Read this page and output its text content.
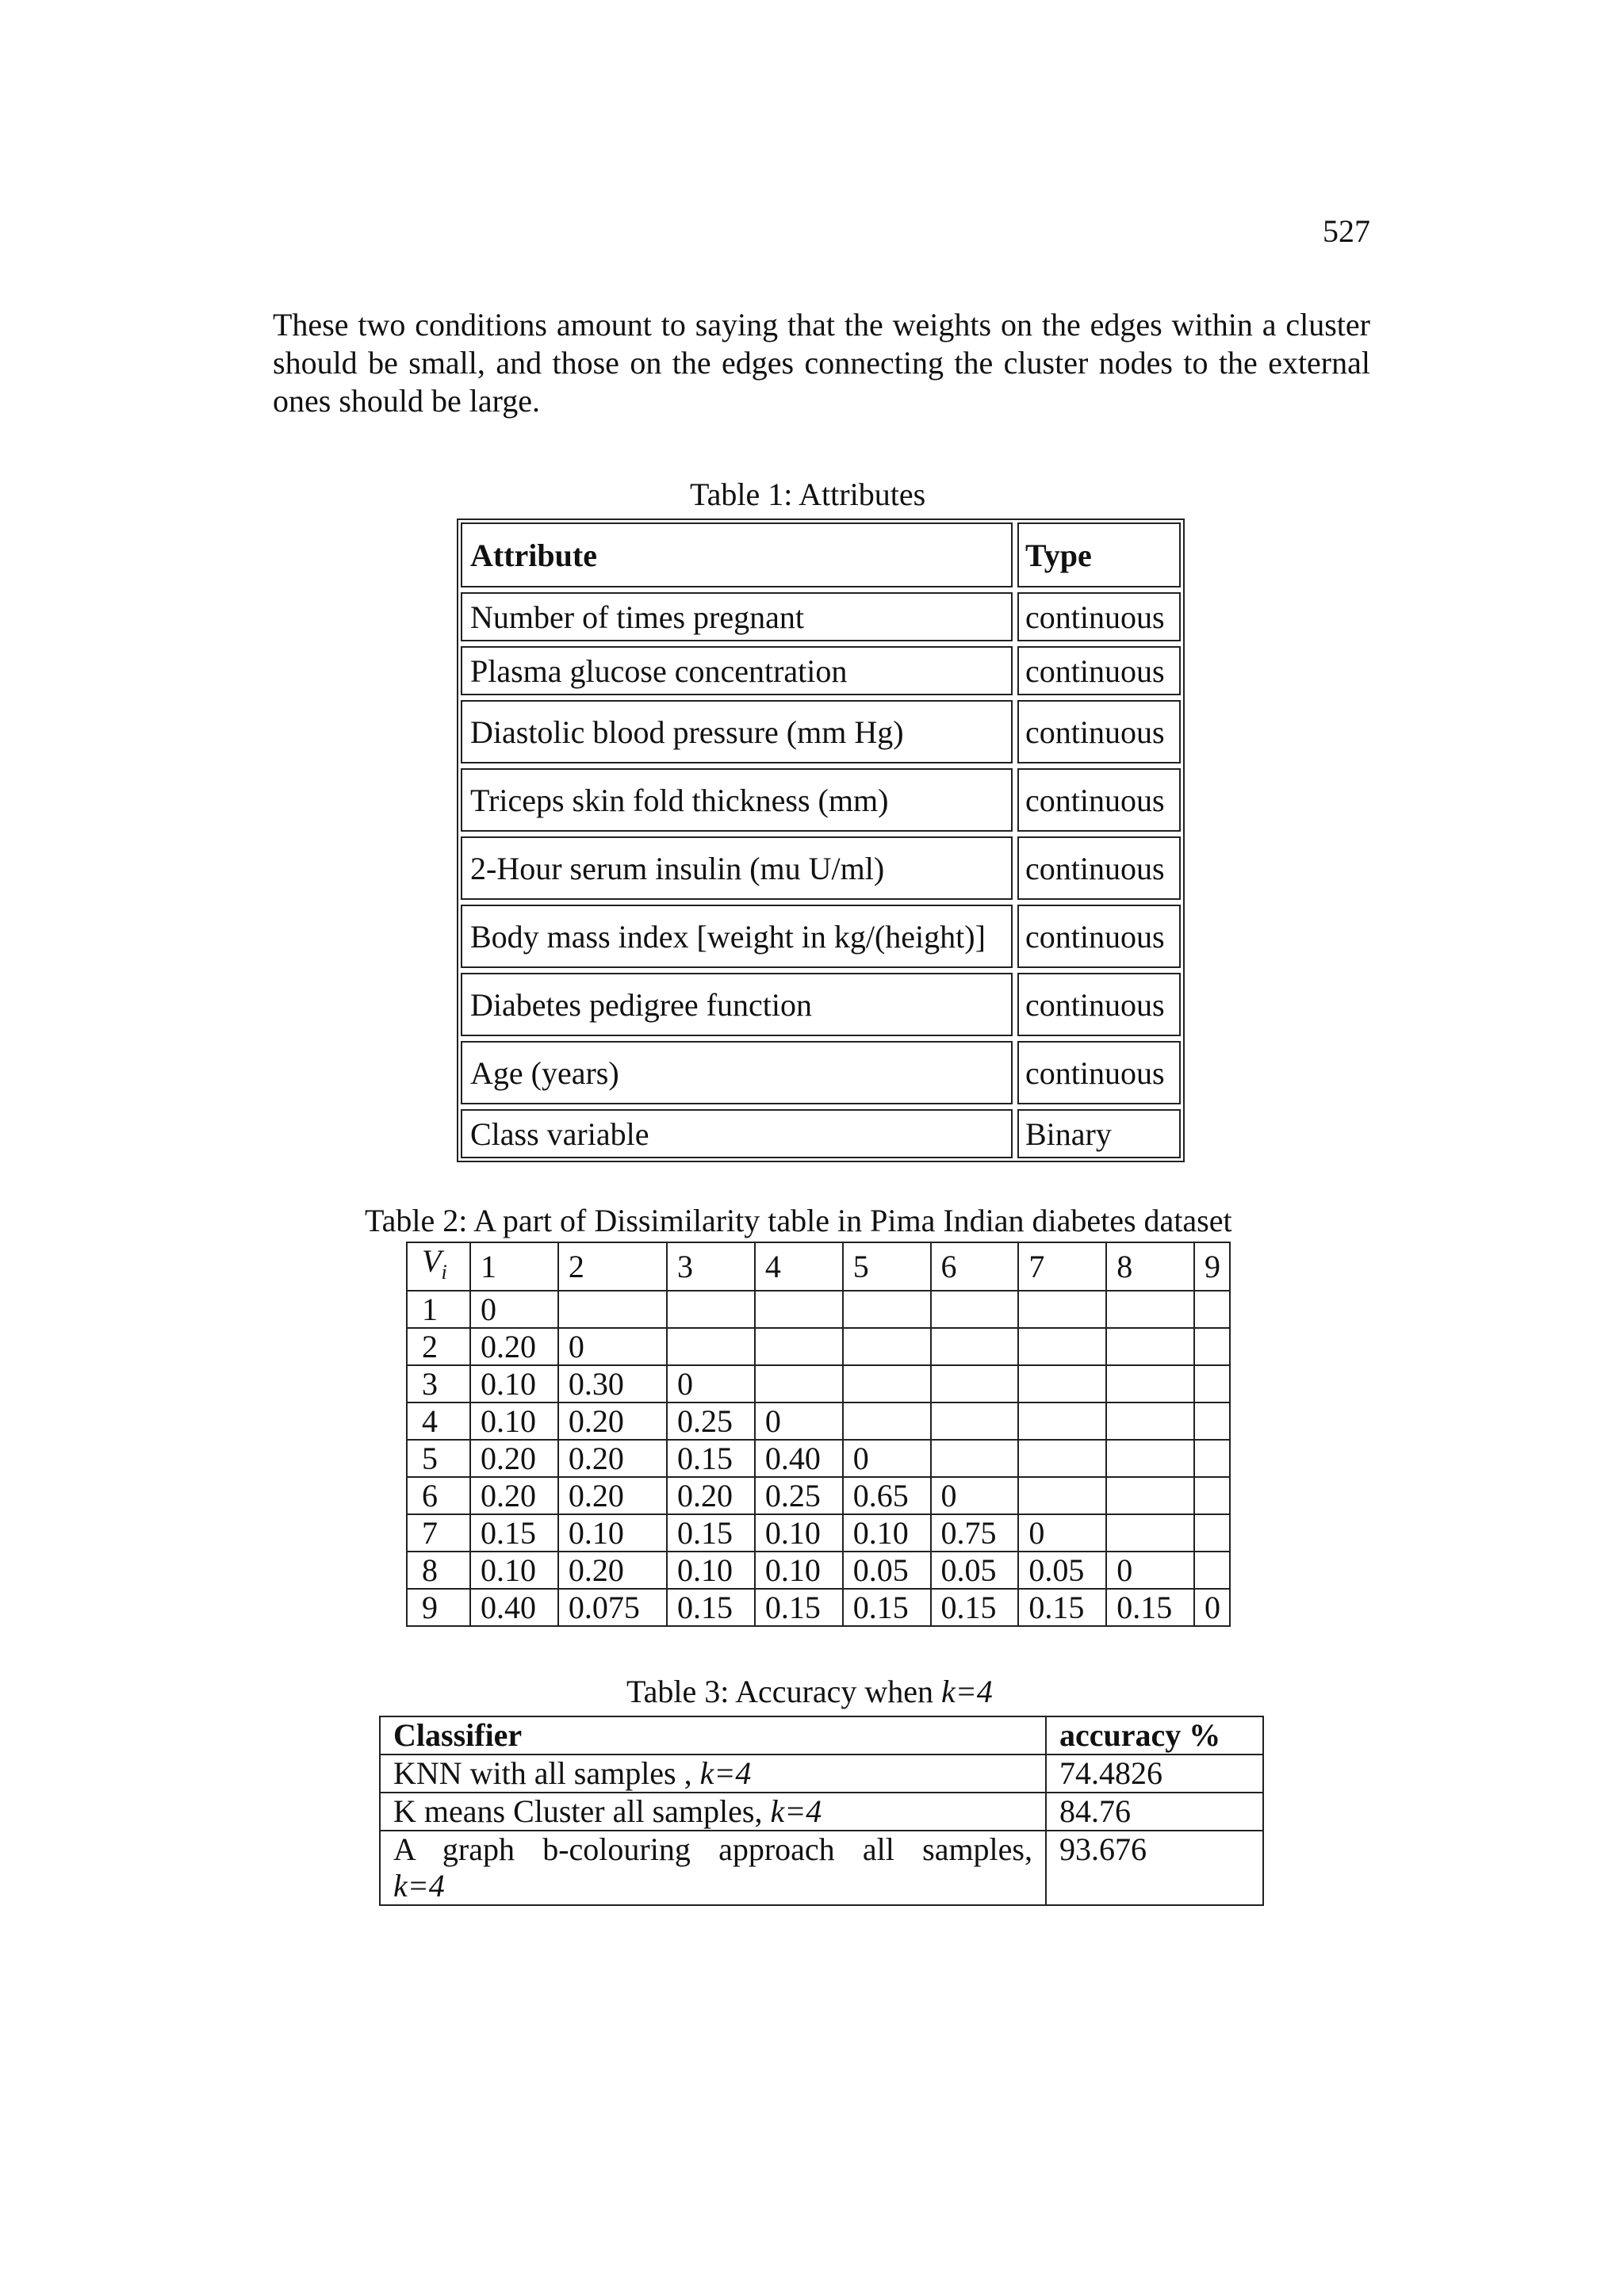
527

These two conditions amount to saying that the weights on the edges within a cluster should be small, and those on the edges connecting the cluster nodes to the external ones should be large.

Table 1: Attributes
Attribute	Type
Number of times pregnant	continuous
Plasma glucose concentration	continuous
Diastolic blood pressure (mm Hg)	continuous
Triceps skin fold thickness (mm)	continuous
2-Hour serum insulin (mu U/ml)	continuous
Body mass index [weight in kg/(height)]	continuous
Diabetes pedigree function	continuous
Age (years)	continuous
Class variable	Binary
Table 2: A part of Dissimilarity table in Pima Indian diabetes dataset
$V_i$	1	2	3	4	5	6	7	8	9
1	0								
2	0.20	0							
3	0.10	0.30	0						
4	0.10	0.20	0.25	0					
5	0.20	0.20	0.15	0.40	0				
6	0.20	0.20	0.20	0.25	0.65	0			
7	0.15	0.10	0.15	0.10	0.10	0.75	0		
8	0.10	0.20	0.10	0.10	0.05	0.05	0.05	0	
9	0.40	0.075	0.15	0.15	0.15	0.15	0.15	0.15	0
Table 3: Accuracy when k=4
Classifier	accuracy %
KNN with all samples , k=4	74.4826
K means Cluster all samples, k=4	84.76

A graph b-colouring approach all samples,
k=4	93.676
